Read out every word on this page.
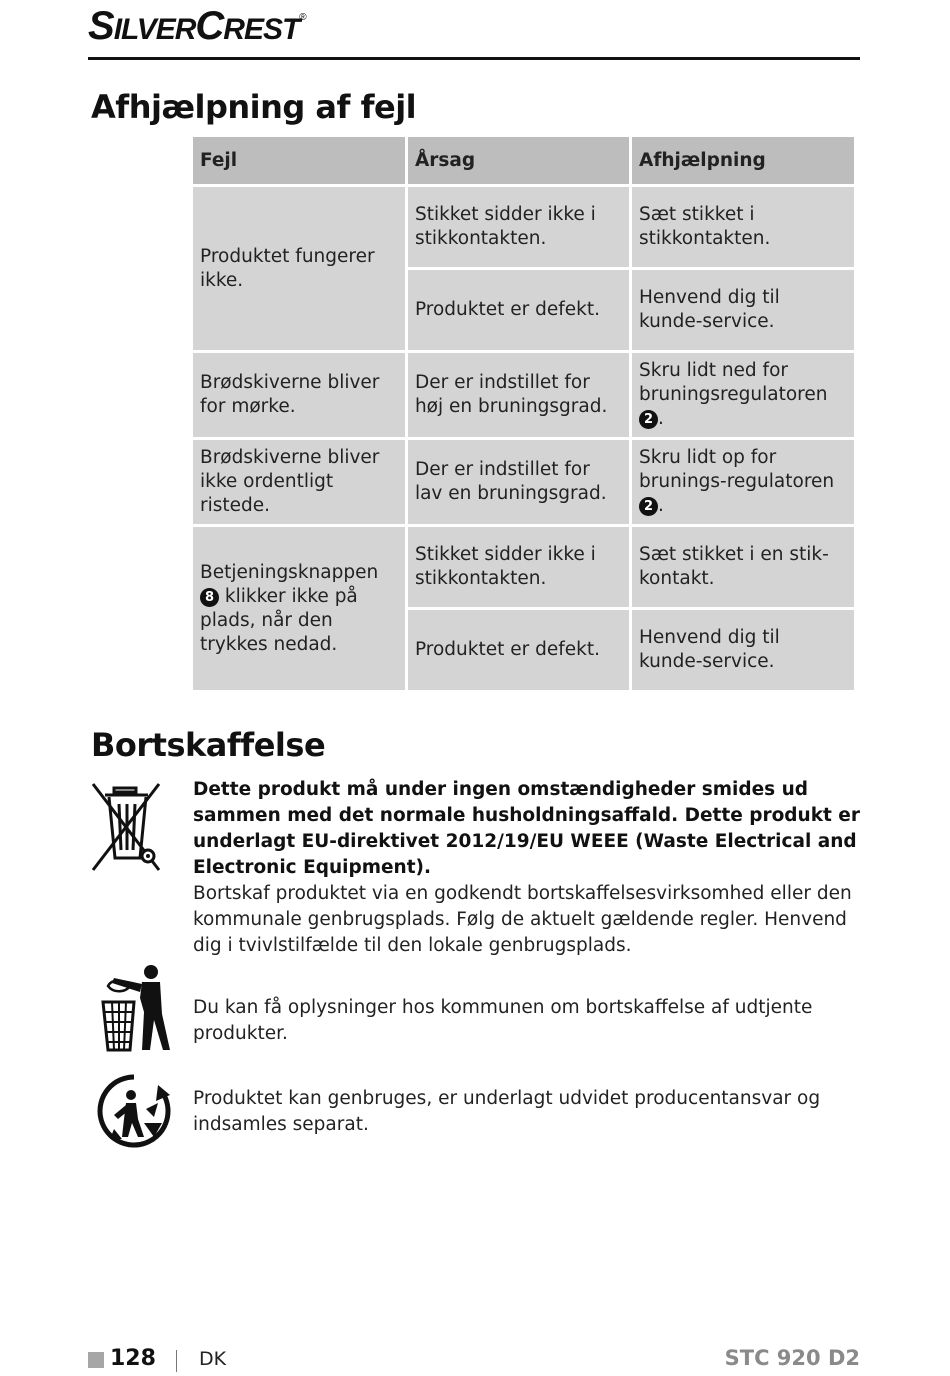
SILVERCREST®
Afhjælpning af fejl
Fejl	Årsag	Afhjælpning
Produktet fungerer ikke.	Stikket sidder ikke i stikkontakten.	Sæt stikket i stikkontakten.
	Produktet er defekt.	Henvend dig til kunde-service.
Brødskiverne bliver for mørke.	Der er indstillet for høj en bruningsgrad.	Skru lidt ned for bruningsregulatoren 2 .
Brødskiverne bliver ikke ordentligt ristede.	Der er indstillet for lav en bruningsgrad.	Skru lidt op for brunings-regulatoren 2 .
Betjeningsknappen 8 klikker ikke på plads, når den trykkes nedad.	Stikket sidder ikke i stikkontakten.	Sæt stikket i en stik-kontakt.
	Produktet er defekt.	Henvend dig til kunde-service.
Bortskaffelse
Dette produkt må under ingen omstændigheder smides ud sammen med det normale husholdningsaffald. Dette produkt er underlagt EU-direktivet 2012/19/EU WEEE (Waste Electrical and Electronic Equipment).
Bortskaf produktet via en godkendt bortskaffelsesvirksomhed eller den kommunale genbrugsplads. Følg de aktuelt gældende regler. Henvend dig i tvivlstilfælde til den lokale genbrugsplads.
Du kan få oplysninger hos kommunen om bortskaffelse af udtjente produkter.
Produktet kan genbruges, er underlagt udvidet producentansvar og indsamles separat.
128 DK	STC 920 D2
